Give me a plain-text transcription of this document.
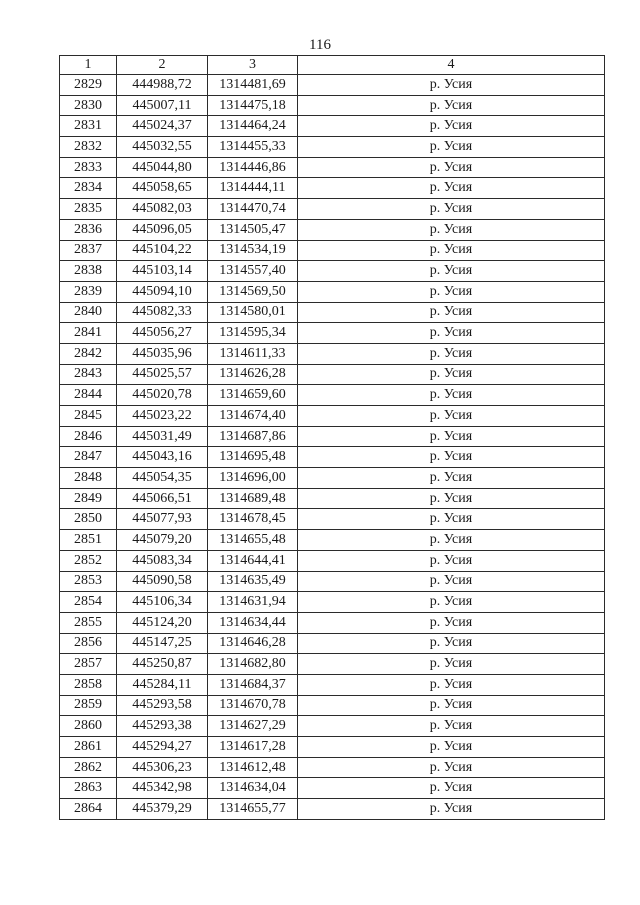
116
1	2	3	4
2829	444988,72	1314481,69	р. Усия
2830	445007,11	1314475,18	р. Усия
2831	445024,37	1314464,24	р. Усия
2832	445032,55	1314455,33	р. Усия
2833	445044,80	1314446,86	р. Усия
2834	445058,65	1314444,11	р. Усия
2835	445082,03	1314470,74	р. Усия
2836	445096,05	1314505,47	р. Усия
2837	445104,22	1314534,19	р. Усия
2838	445103,14	1314557,40	р. Усия
2839	445094,10	1314569,50	р. Усия
2840	445082,33	1314580,01	р. Усия
2841	445056,27	1314595,34	р. Усия
2842	445035,96	1314611,33	р. Усия
2843	445025,57	1314626,28	р. Усия
2844	445020,78	1314659,60	р. Усия
2845	445023,22	1314674,40	р. Усия
2846	445031,49	1314687,86	р. Усия
2847	445043,16	1314695,48	р. Усия
2848	445054,35	1314696,00	р. Усия
2849	445066,51	1314689,48	р. Усия
2850	445077,93	1314678,45	р. Усия
2851	445079,20	1314655,48	р. Усия
2852	445083,34	1314644,41	р. Усия
2853	445090,58	1314635,49	р. Усия
2854	445106,34	1314631,94	р. Усия
2855	445124,20	1314634,44	р. Усия
2856	445147,25	1314646,28	р. Усия
2857	445250,87	1314682,80	р. Усия
2858	445284,11	1314684,37	р. Усия
2859	445293,58	1314670,78	р. Усия
2860	445293,38	1314627,29	р. Усия
2861	445294,27	1314617,28	р. Усия
2862	445306,23	1314612,48	р. Усия
2863	445342,98	1314634,04	р. Усия
2864	445379,29	1314655,77	р. Усия
